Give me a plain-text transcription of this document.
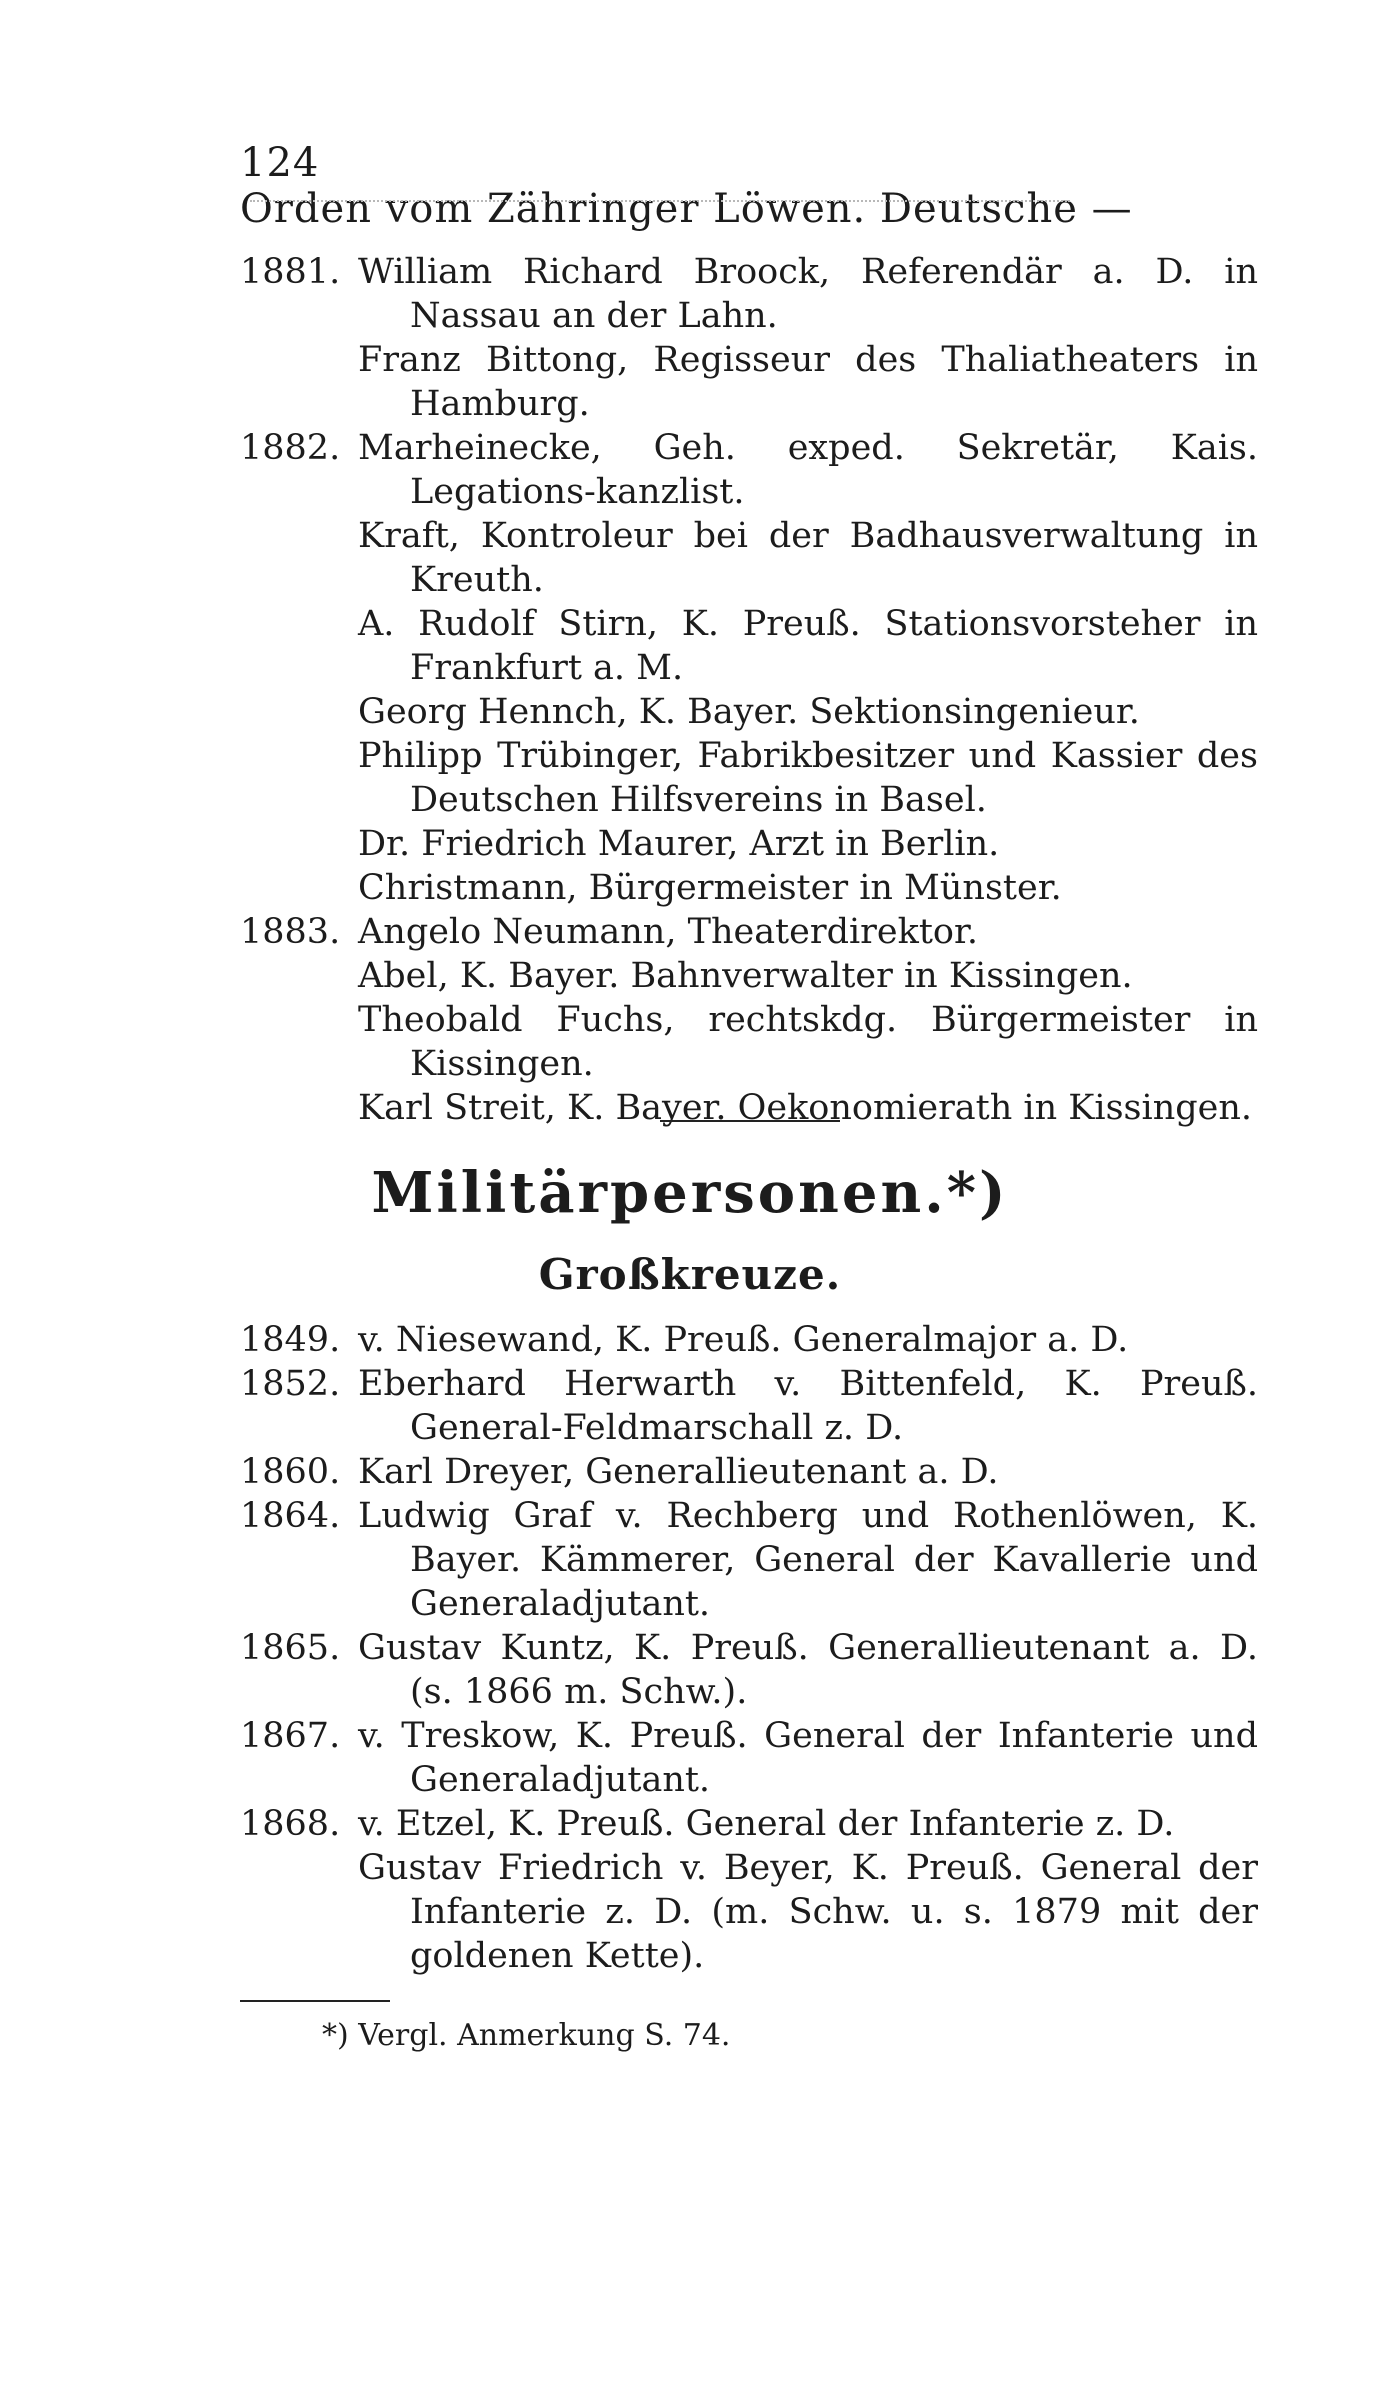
124 Orden vom Zähringer Löwen. Deutsche —
1881. William Richard Broock, Referendär a. D. in Nassau an der Lahn.
Franz Bittong, Regisseur des Thaliatheaters in Hamburg.
1882. Marheinecke, Geh. exped. Sekretär, Kais. Legations-kanzlist.
Kraft, Kontroleur bei der Badhausverwaltung in Kreuth.
A. Rudolf Stirn, K. Preuß. Stationsvorsteher in Frankfurt a. M.
Georg Hennch, K. Bayer. Sektionsingenieur.
Philipp Trübinger, Fabrikbesitzer und Kassier des Deutschen Hilfsvereins in Basel.
Dr. Friedrich Maurer, Arzt in Berlin.
Christmann, Bürgermeister in Münster.
1883. Angelo Neumann, Theaterdirektor.
Abel, K. Bayer. Bahnverwalter in Kissingen.
Theobald Fuchs, rechtskdg. Bürgermeister in Kissingen.
Karl Streit, K. Bayer. Oekonomierath in Kissingen.
Militärpersonen.*)
Großkreuze.
1849. v. Niesewand, K. Preuß. Generalmajor a. D.
1852. Eberhard Herwarth v. Bittenfeld, K. Preuß. General-Feldmarschall z. D.
1860. Karl Dreyer, Generallieutenant a. D.
1864. Ludwig Graf v. Rechberg und Rothenlöwen, K. Bayer. Kämmerer, General der Kavallerie und Generaladjutant.
1865. Gustav Kuntz, K. Preuß. Generallieutenant a. D. (s. 1866 m. Schw.).
1867. v. Treskow, K. Preuß. General der Infanterie und Generaladjutant.
1868. v. Etzel, K. Preuß. General der Infanterie z. D.
Gustav Friedrich v. Beyer, K. Preuß. General der Infanterie z. D. (m. Schw. u. s. 1879 mit der goldenen Kette).
*) Vergl. Anmerkung S. 74.
